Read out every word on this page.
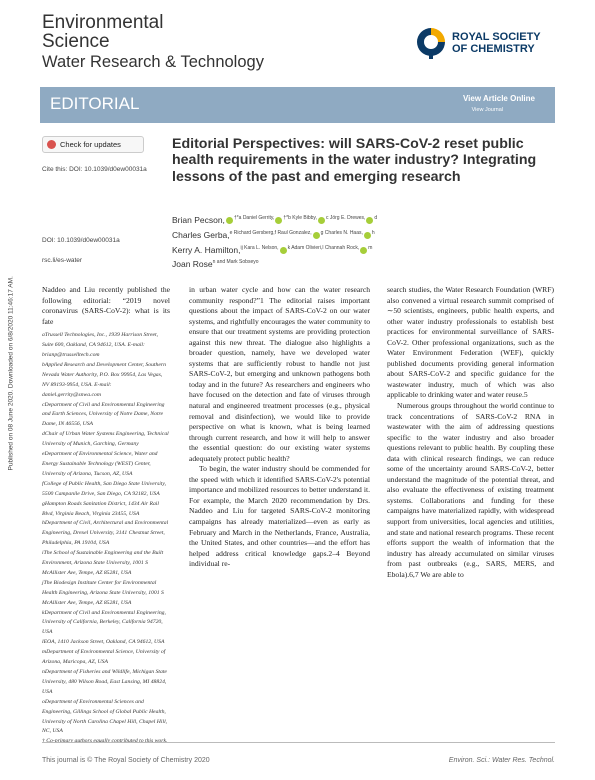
Environmental
Science
Water Research & Technology
ROYAL SOCIETY
OF CHEMISTRY
EDITORIAL	View Article Online
View Journal
Check for updates
Cite this: DOI: 10.1039/d0ew00031a
DOI: 10.1039/d0ew00031a
rsc.li/es-water
Published on 08 June 2020. Downloaded on 6/8/2020 11:46:17 AM.
Editorial Perspectives: will SARS-CoV-2 reset public health requirements in the water industry? Integrating lessons of the past and emerging research
Brian Pecson, $^{\dagger*a Daniel Gerrity,}$ $^{\dagger*b Kyle Bibby,}$ $^{c Jörg E. Drewes,}$ $^d$
Charles Gerba,$^{e Richard Gersberg,f Raul Gonzalez,}$ $^{g Charles N. Haas,}$ $^h$
Kerry A. Hamilton,$^{ij Kara L. Nelson,}$ $^{k Adam Olivieri,l Channah Rock,}$ $^m$
Joan Rose$^{n and Mark Sobseyo}$

Naddeo and Liu recently published the following editorial: “2019 novel coronavirus (SARS-CoV-2): what is its fate

aTrussell Technologies, Inc., 1939 Harrison Street, Suite 600, Oakland, CA 94612, USA. E-mail: brianp@trusselltech.com

bApplied Research and Development Center, Southern Nevada Water Authority, P.O. Box 99954, Las Vegas, NV 89193-9954, USA. E-mail: daniel.gerrity@snwa.com

cDepartment of Civil and Environmental Engineering and Earth Sciences, University of Notre Dame, Notre Dame, IN 46556, USA

dChair of Urban Water Systems Engineering, Technical University of Munich, Garching, Germany

eDepartment of Environmental Science, Water and Energy Sustainable Technology (WEST) Center, University of Arizona, Tucson, AZ, USA

fCollege of Public Health, San Diego State University, 5500 Campanile Drive, San Diego, CA 92182, USA

gHampton Roads Sanitation District, 1434 Air Rail Blvd, Virginia Beach, Virginia 23455, USA

hDepartment of Civil, Architectural and Environmental Engineering, Drexel University, 3141 Chestnut Street, Philadelphia, PA 19104, USA

iThe School of Sustainable Engineering and the Built Environment, Arizona State University, 1001 S McAllister Ave, Tempe, AZ 85281, USA

jThe Biodesign Institute Center for Environmental Health Engineering, Arizona State University, 1001 S McAllister Ave, Tempe, AZ 85281, USA

kDepartment of Civil and Environmental Engineering, University of California, Berkeley, California 94720, USA

lEOA, 1410 Jackson Street, Oakland, CA 94612, USA

mDepartment of Environmental Science, University of Arizona, Maricopa, AZ, USA

nDepartment of Fisheries and Wildlife, Michigan State University, 480 Wilson Road, East Lansing, MI 48824, USA

oDepartment of Environmental Sciences and Engineering, Gillings School of Global Public Health, University of North Carolina Chapel Hill, Chapel Hill, NC, USA

† Co-primary authors equally contributed to this work.

in urban water cycle and how can the water research community respond?”1 The editorial raises important questions about the impact of SARS-CoV-2 on our water systems, and rightfully encourages the water community to ensure that our treatment systems are providing protection against this new threat. The dialogue also highlights a broader question, namely, have we developed water systems that are sufficiently robust to handle not just SARS-CoV-2, but emerging and unknown pathogens both today and in the future? As researchers and engineers who have focused on the detection and fate of viruses through natural and engineered treatment processes (e.g., physical removal and disinfection), we would like to provide perspective on what is known, what is being learned through current research, and how it will help to answer the essential question: do our existing water systems adequately protect public health?

To begin, the water industry should be commended for the speed with which it identified SARS-CoV-2's potential importance and mobilized resources to better understand it. For example, the March 2020 recommendation by Drs. Naddeo and Liu for targeted SARS-CoV-2 monitoring campaigns has already materialized—even as early as February and March in the Netherlands, France, Australia, the United States, and other countries—and the effort has helped address critical knowledge gaps.2–4 Beyond individual re-

search studies, the Water Research Foundation (WRF) also convened a virtual research summit comprised of ∼50 scientists, engineers, public health experts, and other water industry professionals to establish best practices for environmental surveillance of SARS-CoV-2. Other professional organizations, such as the Water Environment Federation (WEF), quickly published documents providing general information about SARS-CoV-2 and specific guidance for the wastewater industry, much of which was also applicable to drinking water and water reuse.5

Numerous groups throughout the world continue to track concentrations of SARS-CoV-2 RNA in wastewater with the aim of addressing questions specific to the water industry and also broader questions relevant to public health. By coupling these data with clinical research findings, we can reduce some of the uncertainty around SARS-CoV-2, better understand the magnitude of the potential threat, and also evaluate the effectiveness of existing treatment systems. Collaborations and funding for these campaigns have materialized rapidly, with widespread support from universities, local agencies and utilities, and state and national research programs. These recent efforts support the wealth of information that the industry has already accumulated on similar viruses from past outbreaks (e.g., SARS, MERS, and Ebola).6,7 We are able to

This journal is © The Royal Society of Chemistry 2020	Environ. Sci.: Water Res. Technol.
